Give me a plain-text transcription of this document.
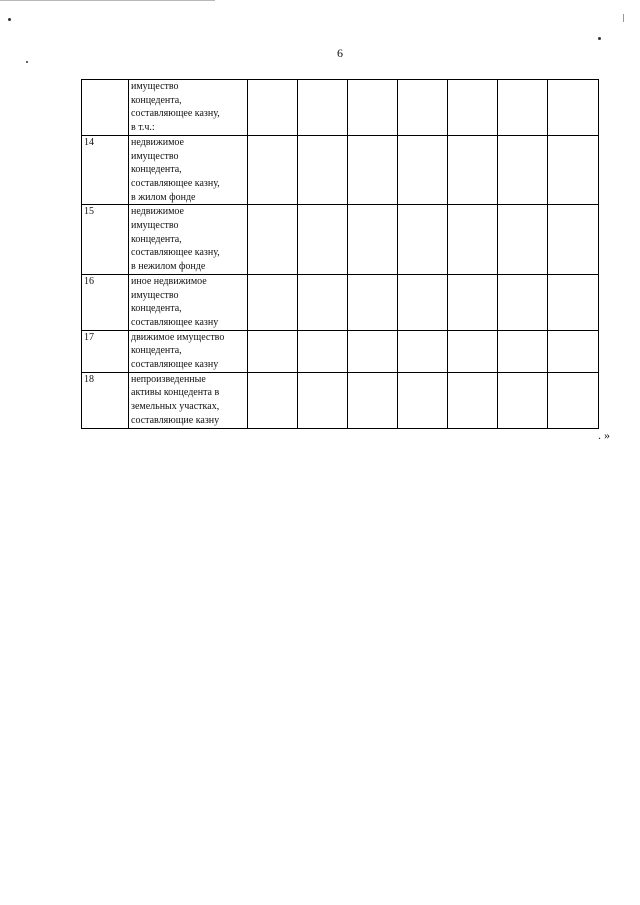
6

	имущество
концедента,
составляющее казну,
в т.ч.:							

14	недвижимое
имущество
концедента,
составляющее казну,
в жилом фонде							

15	недвижимое
имущество
концедента,
составляющее казну,
в нежилом фонде							

16	иное недвижимое
имущество
концедента,
составляющее казну							

17	движимое имущество
концедента,
составляющее казну							

18	непроизведенные
активы концедента в
земельных участках,
составляющие казну							

. »
